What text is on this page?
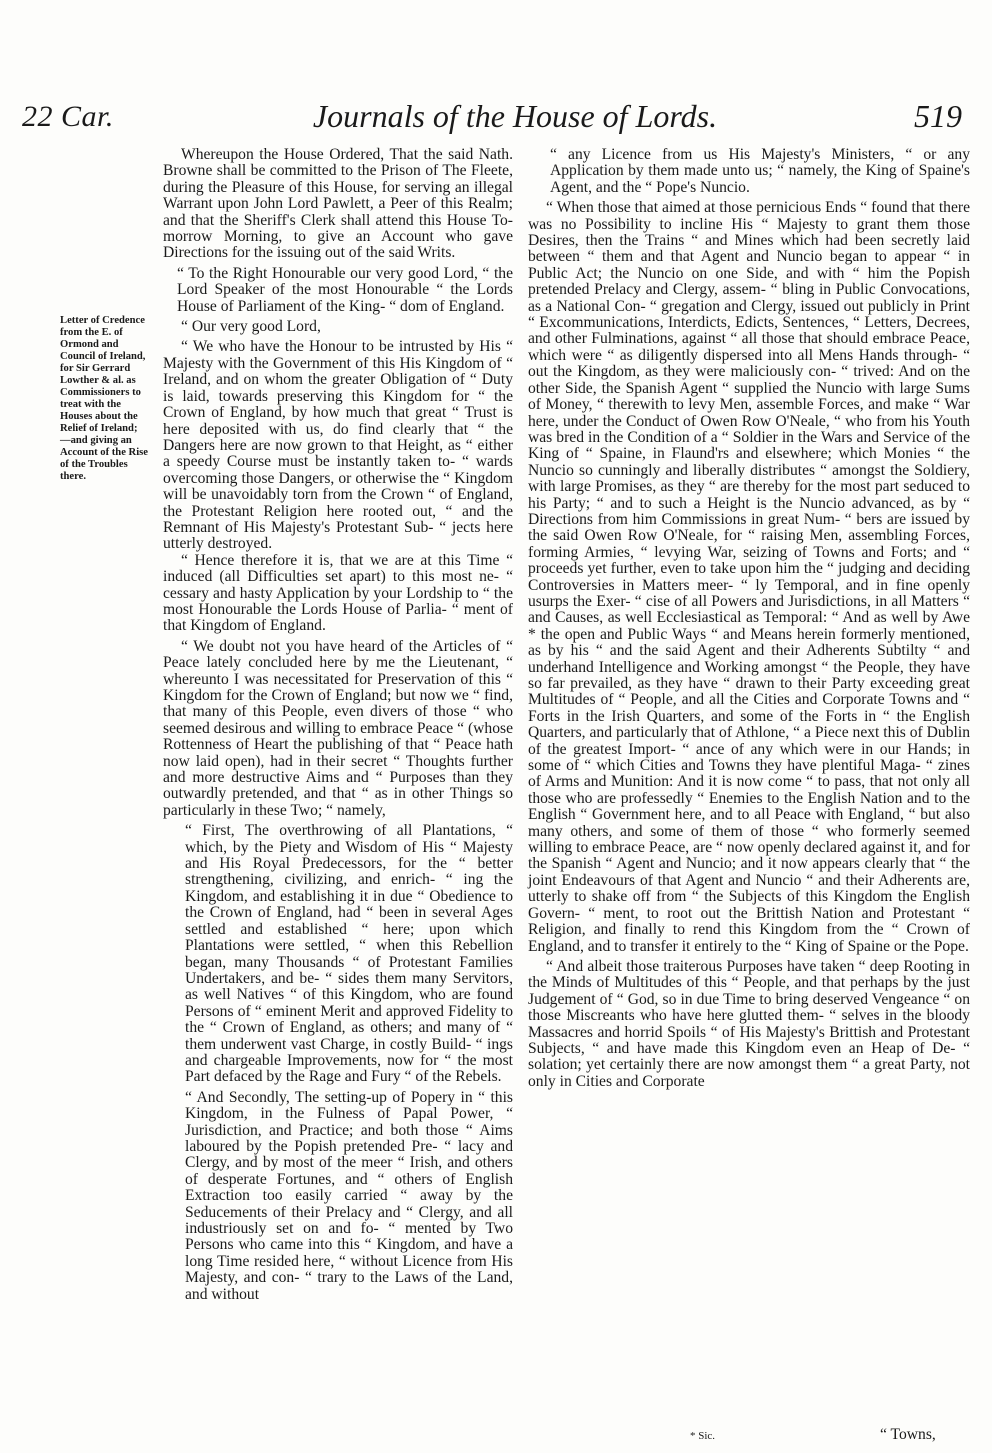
22 Car.	Journals of the House of Lords.	519
Letter of Credence from the E. of Ormond and Council of Ireland, for Sir Gerrard Lowther & al. as Commissioners to treat with the Houses about the Relief of Ireland;—and giving an Account of the Rise of the Troubles there.

Whereupon the House Ordered, That the said Nath. Browne shall be committed to the Prison of The Fleete, during the Pleasure of this House, for serving an illegal Warrant upon John Lord Pawlett, a Peer of this Realm; and that the Sheriff's Clerk shall attend this House To-morrow Morning, to give an Account who gave Directions for the issuing out of the said Writs.

“ To the Right Honourable our very good Lord, “ the Lord Speaker of the most Honourable “ the Lords House of Parliament of the King- “ dom of England.

“ Our very good Lord,

“ We who have the Honour to be intrusted by His “ Majesty with the Government of this His Kingdom of “ Ireland, and on whom the greater Obligation of “ Duty is laid, towards preserving this Kingdom for “ the Crown of England, by how much that great “ Trust is here deposited with us, do find clearly that “ the Dangers here are now grown to that Height, as “ either a speedy Course must be instantly taken to- “ wards overcoming those Dangers, or otherwise the “ Kingdom will be unavoidably torn from the Crown “ of England, the Protestant Religion here rooted out, “ and the Remnant of His Majesty's Protestant Sub- “ jects here utterly destroyed.

“ Hence therefore it is, that we are at this Time “ induced (all Difficulties set apart) to this most ne- “ cessary and hasty Application by your Lordship to “ the most Honourable the Lords House of Parlia- “ ment of that Kingdom of England.

“ We doubt not you have heard of the Articles of “ Peace lately concluded here by me the Lieutenant, “ whereunto I was necessitated for Preservation of this “ Kingdom for the Crown of England; but now we “ find, that many of this People, even divers of those “ who seemed desirous and willing to embrace Peace “ (whose Rottenness of Heart the publishing of that “ Peace hath now laid open), had in their secret “ Thoughts further and more destructive Aims and “ Purposes than they outwardly pretended, and that “ as in other Things so particularly in these Two; “ namely,

“ First, The overthrowing of all Plantations, “ which, by the Piety and Wisdom of His “ Majesty and His Royal Predecessors, for the “ better strengthening, civilizing, and enrich- “ ing the Kingdom, and establishing it in due “ Obedience to the Crown of England, had “ been in several Ages settled and established “ here; upon which Plantations were settled, “ when this Rebellion began, many Thousands “ of Protestant Families Undertakers, and be- “ sides them many Servitors, as well Natives “ of this Kingdom, who are found Persons of “ eminent Merit and approved Fidelity to the “ Crown of England, as others; and many of “ them underwent vast Charge, in costly Build- “ ings and chargeable Improvements, now for “ the most Part defaced by the Rage and Fury “ of the Rebels.

“ And Secondly, The setting-up of Popery in “ this Kingdom, in the Fulness of Papal Power, “ Jurisdiction, and Practice; and both those “ Aims laboured by the Popish pretended Pre- “ lacy and Clergy, and by most of the meer “ Irish, and others of desperate Fortunes, and “ others of English Extraction too easily carried “ away by the Seducements of their Prelacy and “ Clergy, and all industriously set on and fo- “ mented by Two Persons who came into this “ Kingdom, and have a long Time resided here, “ without Licence from His Majesty, and con- “ trary to the Laws of the Land, and without

“ any Licence from us His Majesty's Ministers, “ or any Application by them made unto us; “ namely, the King of Spaine's Agent, and the “ Pope's Nuncio.

“ When those that aimed at those pernicious Ends “ found that there was no Possibility to incline His “ Majesty to grant them those Desires, then the Trains “ and Mines which had been secretly laid between “ them and that Agent and Nuncio began to appear “ in Public Act; the Nuncio on one Side, and with “ him the Popish pretended Prelacy and Clergy, assem- “ bling in Public Convocations, as a National Con- “ gregation and Clergy, issued out publicly in Print “ Excommunications, Interdicts, Edicts, Sentences, “ Letters, Decrees, and other Fulminations, against “ all those that should embrace Peace, which were “ as diligently dispersed into all Mens Hands through- “ out the Kingdom, as they were maliciously con- “ trived: And on the other Side, the Spanish Agent “ supplied the Nuncio with large Sums of Money, “ therewith to levy Men, assemble Forces, and make “ War here, under the Conduct of Owen Row O'Neale, “ who from his Youth was bred in the Condition of a “ Soldier in the Wars and Service of the King of “ Spaine, in Flaund'rs and elsewhere; which Monies “ the Nuncio so cunningly and liberally distributes “ amongst the Soldiery, with large Promises, as they “ are thereby for the most part seduced to his Party; “ and to such a Height is the Nuncio advanced, as by “ Directions from him Commissions in great Num- “ bers are issued by the said Owen Row O'Neale, for “ raising Men, assembling Forces, forming Armies, “ levying War, seizing of Towns and Forts; and “ proceeds yet further, even to take upon him the “ judging and deciding Controversies in Matters meer- “ ly Temporal, and in fine openly usurps the Exer- “ cise of all Powers and Jurisdictions, in all Matters “ and Causes, as well Ecclesiastical as Temporal: “ And as well by Awe * the open and Public Ways “ and Means herein formerly mentioned, as by his “ and the said Agent and their Adherents Subtilty “ and underhand Intelligence and Working amongst “ the People, they have so far prevailed, as they have “ drawn to their Party exceeding great Multitudes of “ People, and all the Cities and Corporate Towns and “ Forts in the Irish Quarters, and some of the Forts in “ the English Quarters, and particularly that of Athlone, “ a Piece next this of Dublin of the greatest Import- “ ance of any which were in our Hands; in some of “ which Cities and Towns they have plentiful Maga- “ zines of Arms and Munition: And it is now come “ to pass, that not only all those who are professedly “ Enemies to the English Nation and to the English “ Government here, and to all Peace with England, “ but also many others, and some of them of those “ who formerly seemed willing to embrace Peace, are “ now openly declared against it, and for the Spanish “ Agent and Nuncio; and it now appears clearly that “ the joint Endeavours of that Agent and Nuncio “ and their Adherents are, utterly to shake off from “ the Subjects of this Kingdom the English Govern- “ ment, to root out the Brittish Nation and Protestant “ Religion, and finally to rend this Kingdom from the “ Crown of England, and to transfer it entirely to the “ King of Spaine or the Pope.

“ And albeit those traiterous Purposes have taken “ deep Rooting in the Minds of Multitudes of this “ People, and that perhaps by the just Judgement of “ God, so in due Time to bring deserved Vengeance “ on those Miscreants who have here glutted them- “ selves in the bloody Massacres and horrid Spoils “ of His Majesty's Brittish and Protestant Subjects, “ and have made this Kingdom even an Heap of De- “ solation; yet certainly there are now amongst them “ a great Party, not only in Cities and Corporate

* Sic.	“ Towns,
